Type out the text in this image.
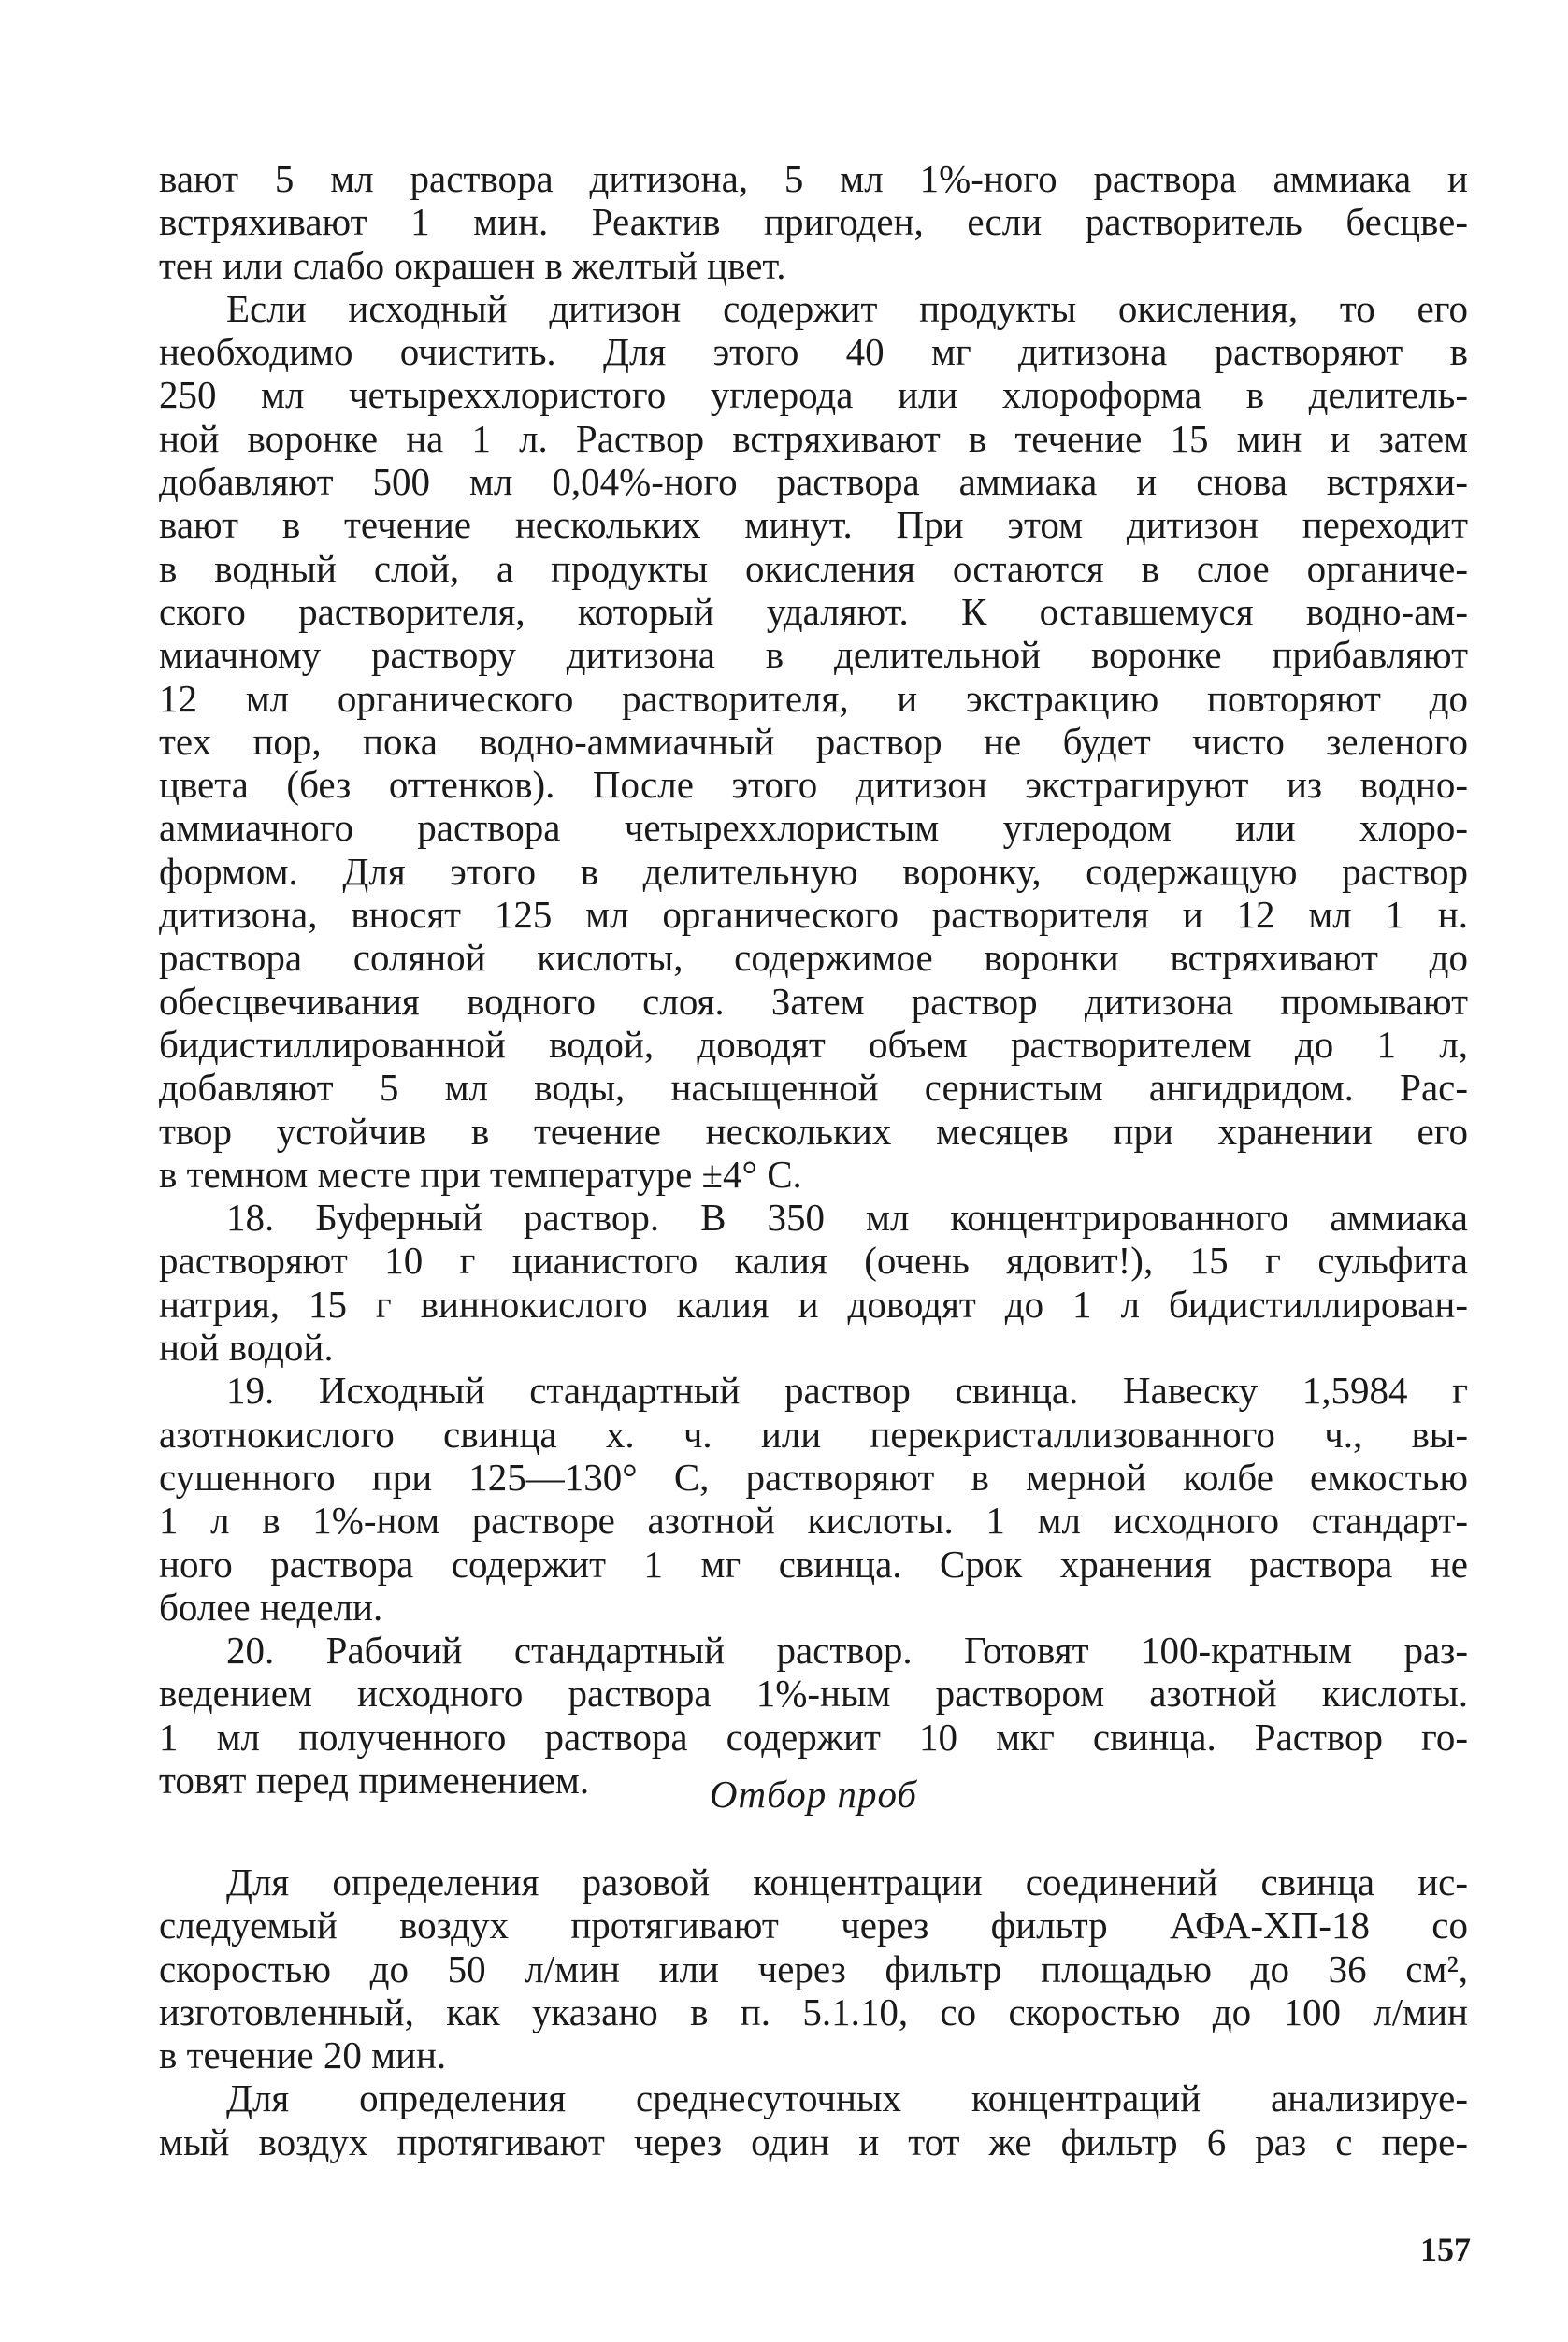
вают 5 мл раствора дитизона, 5 мл 1%-ного раствора аммиака и
встряхивают 1 мин. Реактив пригоден, если растворитель бесцве-
тен или слабо окрашен в желтый цвет.
Если исходный дитизон содержит продукты окисления, то его
необходимо очистить. Для этого 40 мг дитизона растворяют в
250 мл четыреххлористого углерода или хлороформа в делитель-
ной воронке на 1 л. Раствор встряхивают в течение 15 мин и затем
добавляют 500 мл 0,04%-ного раствора аммиака и снова встряхи-
вают в течение нескольких минут. При этом дитизон переходит
в водный слой, а продукты окисления остаются в слое органиче-
ского растворителя, который удаляют. К оставшемуся водно-ам-
миачному раствору дитизона в делительной воронке прибавляют
12 мл органического растворителя, и экстракцию повторяют до
тех пор, пока водно-аммиачный раствор не будет чисто зеленого
цвета (без оттенков). После этого дитизон экстрагируют из водно-
аммиачного раствора четыреххлористым углеродом или хлоро-
формом. Для этого в делительную воронку, содержащую раствор
дитизона, вносят 125 мл органического растворителя и 12 мл 1 н.
раствора соляной кислоты, содержимое воронки встряхивают до
обесцвечивания водного слоя. Затем раствор дитизона промывают
бидистиллированной водой, доводят объем растворителем до 1 л,
добавляют 5 мл воды, насыщенной сернистым ангидридом. Рас-
твор устойчив в течение нескольких месяцев при хранении его
в темном месте при температуре ±4° С.
18. Буферный раствор. В 350 мл концентрированного аммиака
растворяют 10 г цианистого калия (очень ядовит!), 15 г сульфита
натрия, 15 г виннокислого калия и доводят до 1 л бидистиллирован-
ной водой.
19. Исходный стандартный раствор свинца. Навеску 1,5984 г
азотнокислого свинца х. ч. или перекристаллизованного ч., вы-
сушенного при 125—130° С, растворяют в мерной колбе емкостью
1 л в 1%-ном растворе азотной кислоты. 1 мл исходного стандарт-
ного раствора содержит 1 мг свинца. Срок хранения раствора не
более недели.
20. Рабочий стандартный раствор. Готовят 100-кратным раз-
ведением исходного раствора 1%-ным раствором азотной кислоты.
1 мл полученного раствора содержит 10 мкг свинца. Раствор го-
товят перед применением.	Отбор проб
Для определения разовой концентрации соединений свинца ис-
следуемый воздух протягивают через фильтр АФА-ХП-18 со
скоростью до 50 л/мин или через фильтр площадью до 36 см²,
изготовленный, как указано в п. 5.1.10, со скоростью до 100 л/мин
в течение 20 мин.
Для определения среднесуточных концентраций анализируе-
мый воздух протягивают через один и тот же фильтр 6 раз с пере-
157
